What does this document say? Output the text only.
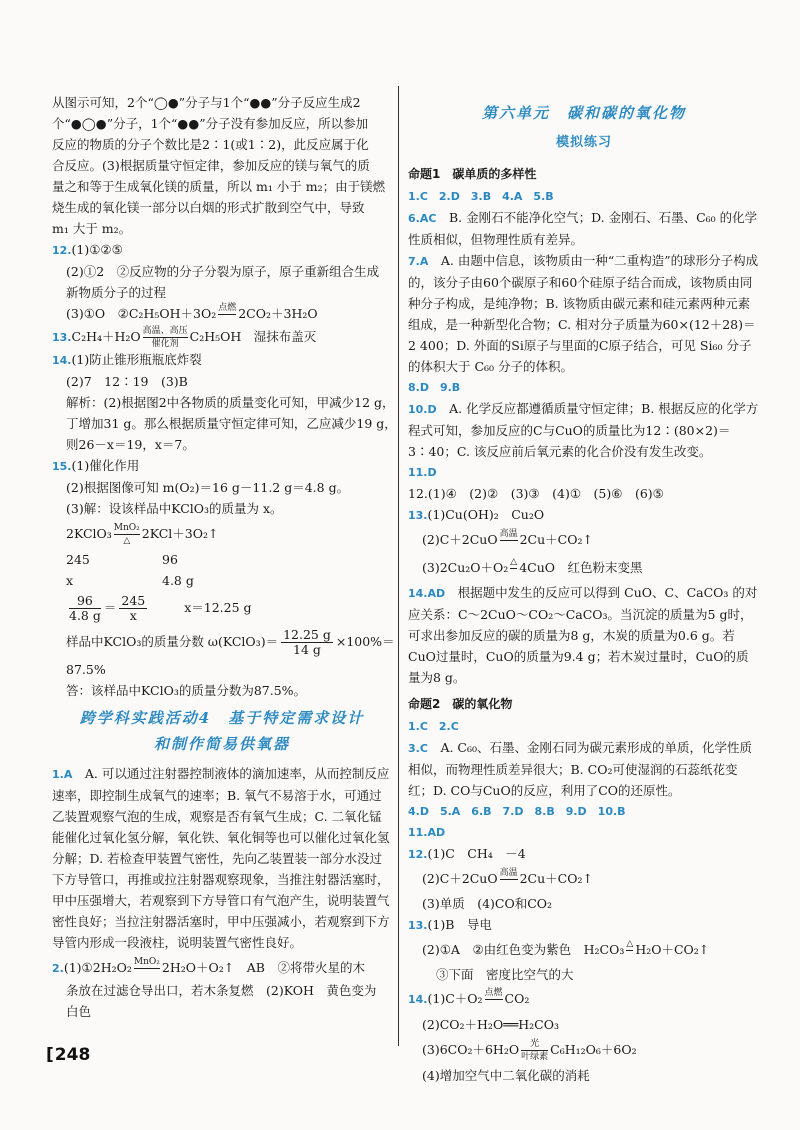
从图示可知，2个“◯●”分子与1个“●●”分子反应生成2
个“●◯●”分子，1个“●●”分子没有参加反应，所以参加
反应的物质的分子个数比是2∶1(或1∶2)，此反应属于化
合反应。(3)根据质量守恒定律，参加反应的镁与氧气的质
量之和等于生成氧化镁的质量，所以 m₁ 小于 m₂；由于镁燃
烧生成的氧化镁一部分以白烟的形式扩散到空气中，导致
m₁ 大于 m₂。
12.(1)①②⑤
(2)①2　②反应物的分子分裂为原子，原子重新组合生成
新物质分子的过程
(3)①O　②C₂H₅OH＋3O₂ 点燃
2CO₂＋3H₂O
13.C₂H₄＋H₂O 高温、高压
催化剂 C₂H₅OH　湿抹布盖灭
14.(1)防止锥形瓶瓶底炸裂
(2)7　12∶19　(3)B
解析：(2)根据图2中各物质的质量变化可知，甲减少12 g，
丁增加31 g。那么根据质量守恒定律可知，乙应减少19 g，
则26－x＝19，x＝7。
15.(1)催化作用
(2)根据图像可知 m(O₂)＝16 g－11.2 g＝4.8 g。
(3)解：设该样品中KClO₃的质量为 x。
2KClO₃ MnO₂
△ 2KCl＋3O₂↑
245	96
x	4.8 g
$\frac{96}{4.8 g} = \frac{245}{x}$	x＝12.25 g
样品中KClO₃的质量分数 ω(KClO₃)＝ $\frac{12.25 g}{14 g} \times 100\%=$
87.5%
答：该样品中KClO₃的质量分数为87.5%。
跨学科实践活动4　基于特定需求设计
和制作简易供氧器
1.A　 A. 可以通过注射器控制液体的滴加速率，从而控制反应速率，即控制生成氧气的速率；B. 氧气不易溶于水，可通过乙装置观察气泡的生成，观察是否有氧气生成；C. 二氧化锰能催化过氧化氢分解，氧化铁、氧化铜等也可以催化过氧化氢分解；D. 若检查甲装置气密性，先向乙装置装一部分水没过下方导管口，再推或拉注射器观察现象，当推注射器活塞时，甲中压强增大，若观察到下方导管口有气泡产生，说明装置气密性良好；当拉注射器活塞时，甲中压强减小，若观察到下方导管内形成一段液柱，说明装置气密性良好。
2.(1)①2H₂O₂ MnO₂
2H₂O＋O₂↑　AB　②将带火星的木
条放在过滤仓导出口，若木条复燃　(2)KOH　黄色变为
白色
第六单元　碳和碳的氧化物
模拟练习
命题1　碳单质的多样性
1.C　2.D　3.B　4.A　5.B
6.AC　 B. 金刚石不能净化空气；D. 金刚石、石墨、C₆₀ 的化学性质相似，但物理性质有差异。
7.A　 A. 由题中信息，该物质由一种“二重构造”的球形分子构成的，该分子由60个碳原子和60个硅原子结合而成，该物质由同种分子构成，是纯净物；B. 该物质由碳元素和硅元素两种元素组成，是一种新型化合物；C. 相对分子质量为60×(12＋28)＝2 400；D. 外面的Si原子与里面的C原子结合，可见 Si₆₀ 分子的体积大于 C₆₀ 分子的体积。
8.D　9.B
10.D　 A. 化学反应都遵循质量守恒定律；B. 根据反应的化学方程式可知，参加反应的C与CuO的质量比为12∶(80×2)＝3∶40；C. 该反应前后氧元素的化合价没有发生改变。
11.D
12.(1)④　(2)②　(3)③　(4)①　(5)⑥　(6)⑤
13.(1)Cu(OH)₂　Cu₂O
(2)C＋2CuO 高温
2Cu＋CO₂↑
(3)2Cu₂O＋O₂ △
4CuO　红色粉末变黑
14.AD　 根据题中发生的反应可以得到 CuO、C、CaCO₃ 的对应关系：C～2CuO～CO₂～CaCO₃。当沉淀的质量为5 g时，可求出参加反应的碳的质量为8 g，木炭的质量为0.6 g。若CuO过量时，CuO的质量为9.4 g；若木炭过量时，CuO的质量为8 g。
命题2　碳的氧化物
1.C　2.C
3.C　 A. C₆₀、石墨、金刚石同为碳元素形成的单质，化学性质相似，而物理性质差异很大；B. CO₂可使湿润的石蕊纸花变红；D. CO与CuO的反应，利用了CO的还原性。
4.D　5.A　6.B　7.D　8.B　9.D　10.B
11.AD
12.(1)C　CH₄　－4
(2)C＋2CuO 高温
2Cu＋CO₂↑
(3)单质　(4)CO和CO₂
13.(1)B　导电
(2)①A　②由红色变为紫色　H₂CO₃ △
H₂O＋CO₂↑
③下面　密度比空气的大
14.(1)C＋O₂ 点燃
CO₂
(2)CO₂＋H₂O══H₂CO₃
(3)6CO₂＋6H₂O	光
叶绿素 C₆H₁₂O₆＋6O₂
(4)增加空气中二氧化碳的消耗
[ 248
